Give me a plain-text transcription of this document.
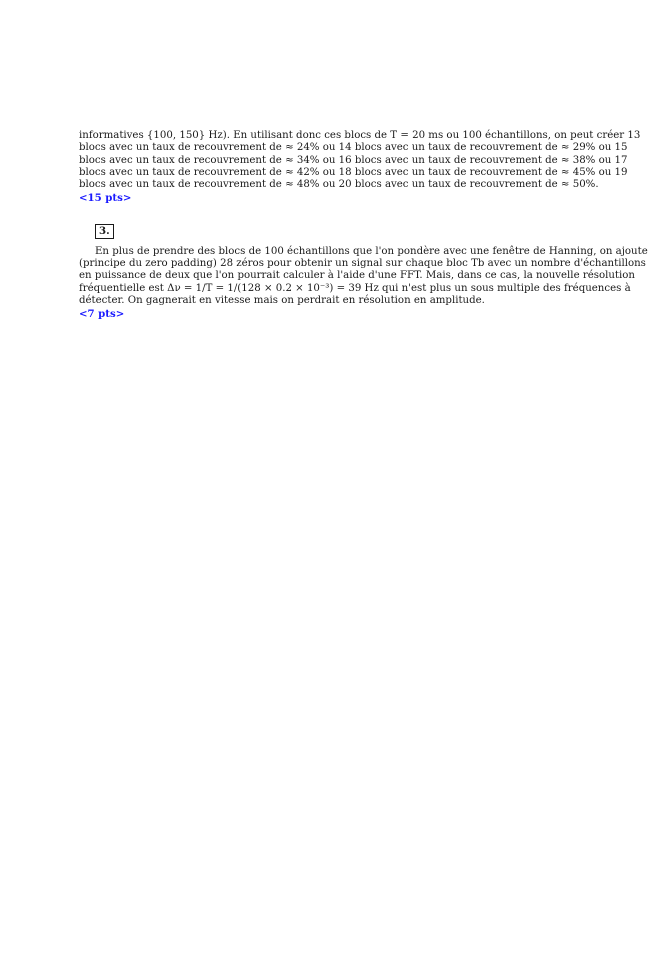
informatives {100, 150} Hz). En utilisant donc ces blocs de T = 20 ms ou 100 échantillons, on peut créer 13
blocs avec un taux de recouvrement de ≈ 24% ou 14 blocs avec un taux de recouvrement de ≈ 29% ou 15
blocs avec un taux de recouvrement de ≈ 34% ou 16 blocs avec un taux de recouvrement de ≈ 38% ou 17
blocs avec un taux de recouvrement de ≈ 42% ou 18 blocs avec un taux de recouvrement de ≈ 45% ou 19
blocs avec un taux de recouvrement de ≈ 48% ou 20 blocs avec un taux de recouvrement de ≈ 50%.
<15 pts>
3.
En plus de prendre des blocs de 100 échantillons que l'on pondère avec une fenêtre de Hanning, on ajoute
(principe du zero padding) 28 zéros pour obtenir un signal sur chaque bloc Tb avec un nombre d'échantillons
en puissance de deux que l'on pourrait calculer à l'aide d'une FFT. Mais, dans ce cas, la nouvelle résolution
fréquentielle est Δν = 1/T = 1/(128 × 0.2 × 10⁻³) = 39 Hz qui n'est plus un sous multiple des fréquences à
détecter. On gagnerait en vitesse mais on perdrait en résolution en amplitude.
<7 pts>
